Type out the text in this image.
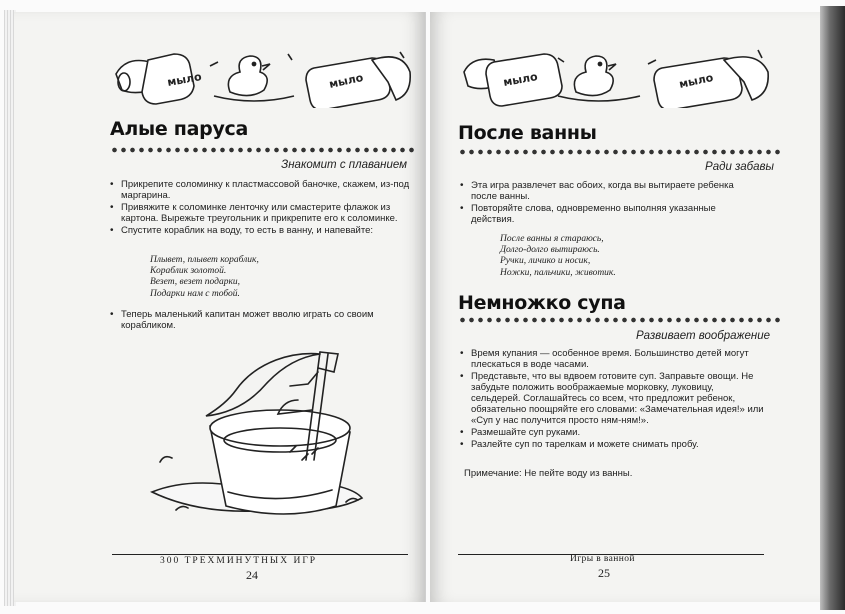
мыло	мыло
Алые паруса
Знакомит с плаванием
• Прикрепите соломинку к пластмассовой баночке, скажем, из-под маргарина.
• Привяжите к соломинке ленточку или смастерите флажок из картона. Вырежьте треугольник и прикрепите его к соломинке.
• Спустите кораблик на воду, то есть в ванну, и напевайте:
Плывет, плывет кораблик,
Кораблик золотой.
Везет, везет подарки,
Подарки нам с тобой.
• Теперь маленький капитан может вволю играть со своим корабликом.
300 ТРЕХМИНУТНЫХ ИГР
24
мыло	мыло
После ванны
Ради забавы
• Эта игра развлечет вас обоих, когда вы вытираете ребенка после ванны.
• Повторяйте слова, одновременно выполняя указанные действия.
После ванны я стараюсь,
Долго-долго вытираюсь.
Ручки, личико и носик,
Ножки, пальчики, животик.
Немножко супа
Развивает воображение
• Время купания — особенное время. Большинство детей могут плескаться в воде часами.
• Представьте, что вы вдвоем готовите суп. Заправьте овощи. Не забудьте положить воображаемые морковку, луковицу, сельдерей. Соглашайтесь со всем, что предложит ребенок, обязательно поощряйте его словами: «Замечательная идея!» или «Суп у нас получится просто ням-ням!».
• Размешайте суп руками.
• Разлейте суп по тарелкам и можете снимать пробу.
Примечание: Не пейте воду из ванны.
Игры в ванной
25
